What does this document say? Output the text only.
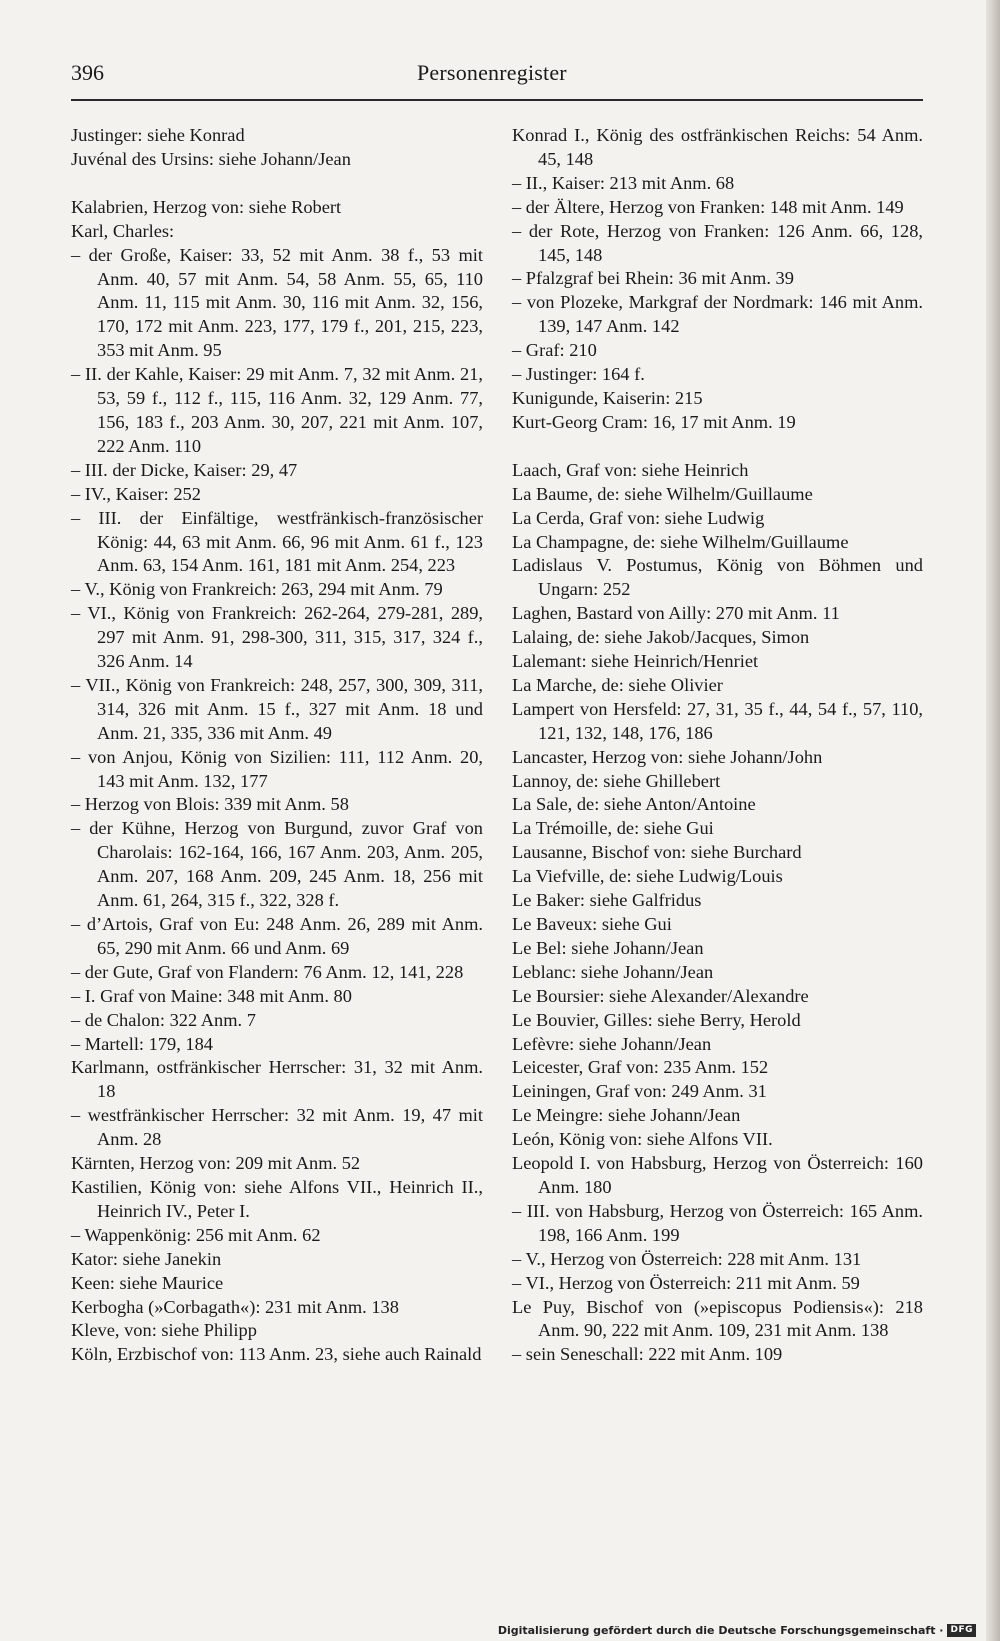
396	Personenregister

Justinger: siehe Konrad

Juvénal des Ursins: siehe Johann/Jean

Kalabrien, Herzog von: siehe Robert

Karl, Charles:

– der Große, Kaiser: 33, 52 mit Anm. 38 f., 53 mit Anm. 40, 57 mit Anm. 54, 58 Anm. 55, 65, 110 Anm. 11, 115 mit Anm. 30, 116 mit Anm. 32, 156, 170, 172 mit Anm. 223, 177, 179 f., 201, 215, 223, 353 mit Anm. 95

– II. der Kahle, Kaiser: 29 mit Anm. 7, 32 mit Anm. 21, 53, 59 f., 112 f., 115, 116 Anm. 32, 129 Anm. 77, 156, 183 f., 203 Anm. 30, 207, 221 mit Anm. 107, 222 Anm. 110

– III. der Dicke, Kaiser: 29, 47

– IV., Kaiser: 252

– III. der Einfältige, westfränkisch-französischer König: 44, 63 mit Anm. 66, 96 mit Anm. 61 f., 123 Anm. 63, 154 Anm. 161, 181 mit Anm. 254, 223

– V., König von Frankreich: 263, 294 mit Anm. 79

– VI., König von Frankreich: 262-264, 279-281, 289, 297 mit Anm. 91, 298-300, 311, 315, 317, 324 f., 326 Anm. 14

– VII., König von Frankreich: 248, 257, 300, 309, 311, 314, 326 mit Anm. 15 f., 327 mit Anm. 18 und Anm. 21, 335, 336 mit Anm. 49

– von Anjou, König von Sizilien: 111, 112 Anm. 20, 143 mit Anm. 132, 177

– Herzog von Blois: 339 mit Anm. 58

– der Kühne, Herzog von Burgund, zuvor Graf von Charolais: 162-164, 166, 167 Anm. 203, Anm. 205, Anm. 207, 168 Anm. 209, 245 Anm. 18, 256 mit Anm. 61, 264, 315 f., 322, 328 f.

– d’Artois, Graf von Eu: 248 Anm. 26, 289 mit Anm. 65, 290 mit Anm. 66 und Anm. 69

– der Gute, Graf von Flandern: 76 Anm. 12, 141, 228

– I. Graf von Maine: 348 mit Anm. 80

– de Chalon: 322 Anm. 7

– Martell: 179, 184

Karlmann, ostfränkischer Herrscher: 31, 32 mit Anm. 18

– westfränkischer Herrscher: 32 mit Anm. 19, 47 mit Anm. 28

Kärnten, Herzog von: 209 mit Anm. 52

Kastilien, König von: siehe Alfons VII., Heinrich II., Heinrich IV., Peter I.

– Wappenkönig: 256 mit Anm. 62

Kator: siehe Janekin

Keen: siehe Maurice

Kerbogha (»Corbagath«): 231 mit Anm. 138

Kleve, von: siehe Philipp

Köln, Erzbischof von: 113 Anm. 23, siehe auch Rainald

Konrad I., König des ostfränkischen Reichs: 54 Anm. 45, 148

– II., Kaiser: 213 mit Anm. 68

– der Ältere, Herzog von Franken: 148 mit Anm. 149

– der Rote, Herzog von Franken: 126 Anm. 66, 128, 145, 148

– Pfalzgraf bei Rhein: 36 mit Anm. 39

– von Plozeke, Markgraf der Nordmark: 146 mit Anm. 139, 147 Anm. 142

– Graf: 210

– Justinger: 164 f.

Kunigunde, Kaiserin: 215

Kurt-Georg Cram: 16, 17 mit Anm. 19

Laach, Graf von: siehe Heinrich

La Baume, de: siehe Wilhelm/Guillaume

La Cerda, Graf von: siehe Ludwig

La Champagne, de: siehe Wilhelm/Guillaume

Ladislaus V. Postumus, König von Böhmen und Ungarn: 252

Laghen, Bastard von Ailly: 270 mit Anm. 11

Lalaing, de: siehe Jakob/Jacques, Simon

Lalemant: siehe Heinrich/Henriet

La Marche, de: siehe Olivier

Lampert von Hersfeld: 27, 31, 35 f., 44, 54 f., 57, 110, 121, 132, 148, 176, 186

Lancaster, Herzog von: siehe Johann/John

Lannoy, de: siehe Ghillebert

La Sale, de: siehe Anton/Antoine

La Trémoille, de: siehe Gui

Lausanne, Bischof von: siehe Burchard

La Viefville, de: siehe Ludwig/Louis

Le Baker: siehe Galfridus

Le Baveux: siehe Gui

Le Bel: siehe Johann/Jean

Leblanc: siehe Johann/Jean

Le Boursier: siehe Alexander/Alexandre

Le Bouvier, Gilles: siehe Berry, Herold

Lefèvre: siehe Johann/Jean

Leicester, Graf von: 235 Anm. 152

Leiningen, Graf von: 249 Anm. 31

Le Meingre: siehe Johann/Jean

León, König von: siehe Alfons VII.

Leopold I. von Habsburg, Herzog von Österreich: 160 Anm. 180

– III. von Habsburg, Herzog von Österreich: 165 Anm. 198, 166 Anm. 199

– V., Herzog von Österreich: 228 mit Anm. 131

– VI., Herzog von Österreich: 211 mit Anm. 59

Le Puy, Bischof von (»episcopus Podiensis«): 218 Anm. 90, 222 mit Anm. 109, 231 mit Anm. 138

– sein Seneschall: 222 mit Anm. 109

Digitalisierung gefördert durch die Deutsche Forschungsgemeinschaft · DFG
